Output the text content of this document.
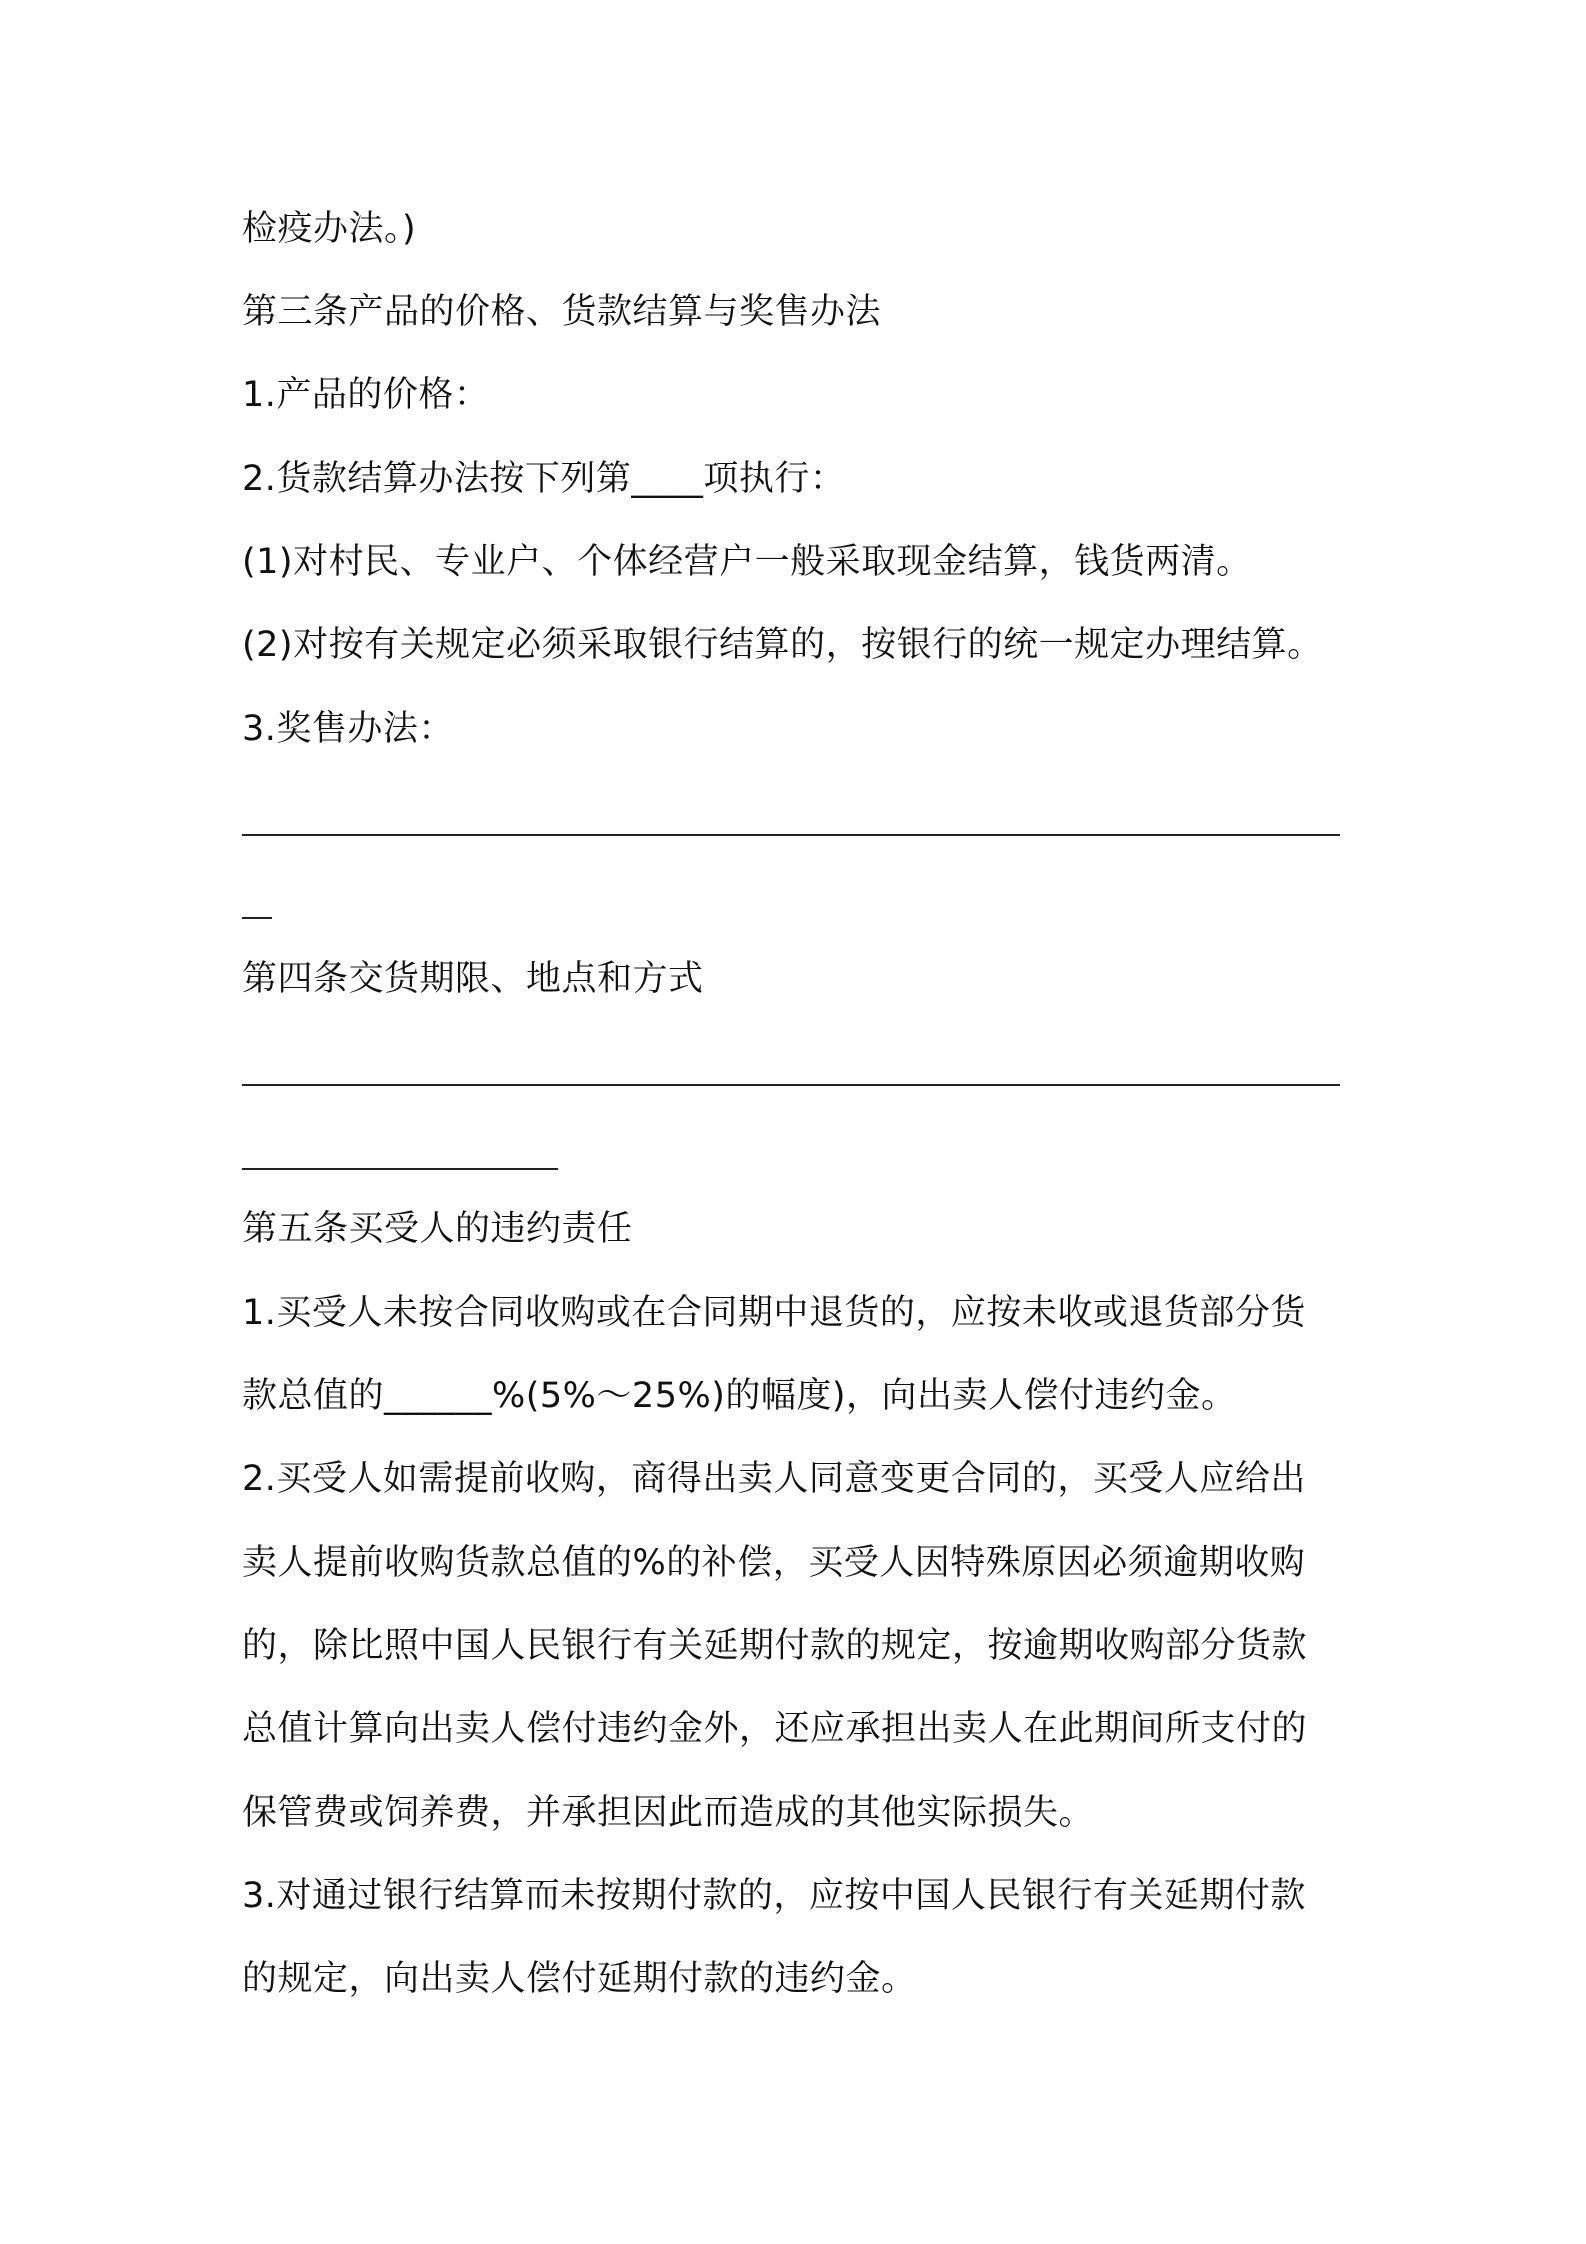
检疫办法。)
第三条产品的价格、货款结算与奖售办法
1.产品的价格：
2.货款结算办法按下列第____项执行：
(1)对村民、专业户、个体经营户一般采取现金结算，钱货两清。
(2)对按有关规定必须采取银行结算的，按银行的统一规定办理结算。
3.奖售办法：
第四条交货期限、地点和方式
第五条买受人的违约责任
1.买受人未按合同收购或在合同期中退货的，应按未收或退货部分货
款总值的______%(5%～25%)的幅度)，向出卖人偿付违约金。
2.买受人如需提前收购，商得出卖人同意变更合同的，买受人应给出
卖人提前收购货款总值的%的补偿，买受人因特殊原因必须逾期收购
的，除比照中国人民银行有关延期付款的规定，按逾期收购部分货款
总值计算向出卖人偿付违约金外，还应承担出卖人在此期间所支付的
保管费或饲养费，并承担因此而造成的其他实际损失。
3.对通过银行结算而未按期付款的，应按中国人民银行有关延期付款
的规定，向出卖人偿付延期付款的违约金。
